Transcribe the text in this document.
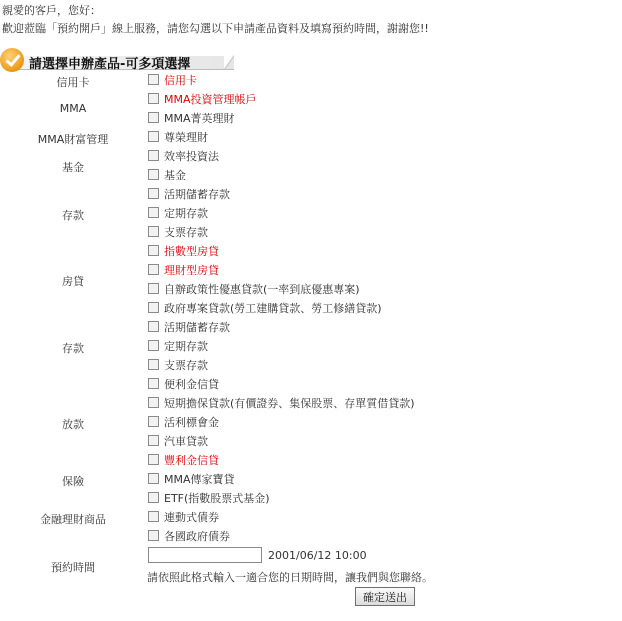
親愛的客戶，您好：
歡迎蒞臨「預約開戶」線上服務，請您勾選以下申請產品資料及填寫預約時間，謝謝您!!
請選擇申辦產品-可多項選擇
信用卡
MMA
MMA財富管理
基金
存款
房貸
存款
放款
保險
金融理財商品
預約時間
信用卡
MMA投資管理帳戶
MMA菁英理財
尊榮理財
效率投資法
基金
活期儲蓄存款
定期存款
支票存款
指數型房貸
理財型房貸
自辦政策性優惠貸款(一率到底優惠專案)
政府專案貸款(勞工建購貸款、勞工修繕貸款)
活期儲蓄存款
定期存款
支票存款
便利金信貸
短期擔保貸款(有價證券、集保股票、存單質借貸款)
活利標會金
汽車貸款
豐利金信貸
MMA傳家寶貸
ETF(指數股票式基金)
連動式債券
各國政府債券
2001/06/12 10:00
請依照此格式輸入一適合您的日期時間，讓我們與您聯絡。
確定送出
